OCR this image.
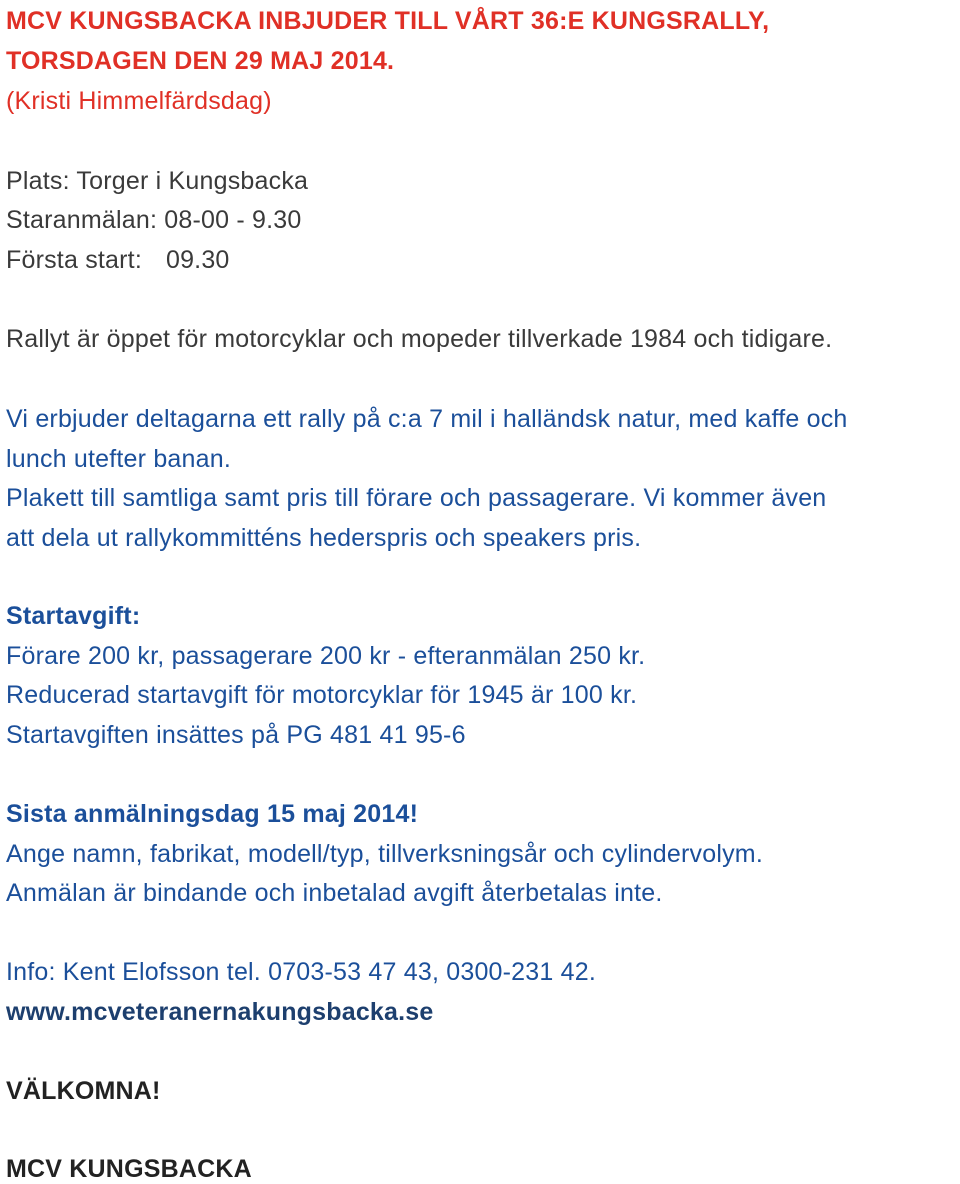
MCV KUNGSBACKA INBJUDER TILL VÅRT 36:E KUNGSRALLY,
TORSDAGEN DEN 29 MAJ 2014.
(Kristi Himmelfärdsdag)
Plats: Torger i Kungsbacka
Staranmälan: 08-00 - 9.30
Första start: 09.30
Rallyt är öppet för motorcyklar och mopeder tillverkade 1984 och tidigare.
Vi erbjuder deltagarna ett rally på c:a 7 mil i halländsk natur, med kaffe och
lunch utefter banan.
Plakett till samtliga samt pris till förare och passagerare. Vi kommer även
att dela ut rallykommitténs hederspris och speakers pris.
Startavgift:
Förare 200 kr, passagerare 200 kr - efteranmälan 250 kr.
Reducerad startavgift för motorcyklar för 1945 är 100 kr.
Startavgiften insättes på PG 481 41 95-6
Sista anmälningsdag 15 maj 2014!
Ange namn, fabrikat, modell/typ, tillverksningsår och cylindervolym.
Anmälan är bindande och inbetalad avgift återbetalas inte.
Info: Kent Elofsson tel. 0703-53 47 43, 0300-231 42.
www.mcveteranernakungsbacka.se
VÄLKOMNA!
MCV KUNGSBACKA
